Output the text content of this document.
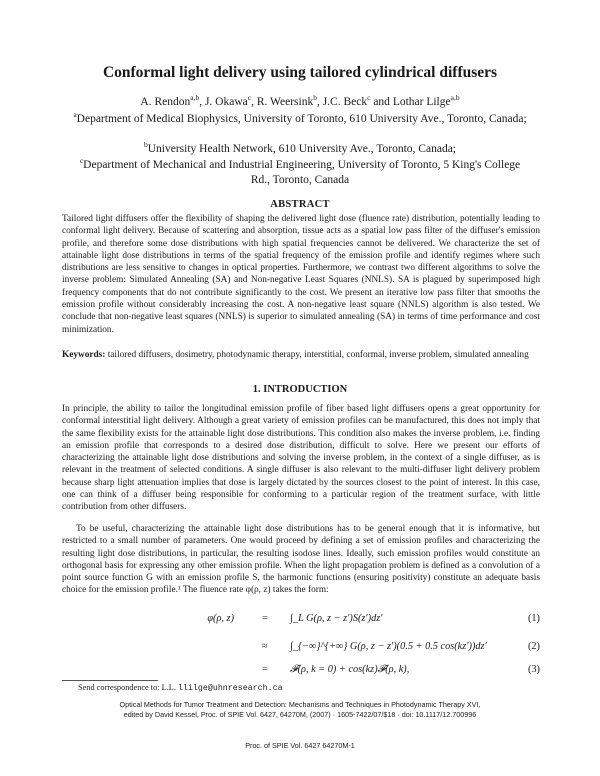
Conformal light delivery using tailored cylindrical diffusers
A. Rendon$^{a,b}$, J. Okawa$^c$, R. Weersink$^b$, J.C. Beck$^c$ and Lothar Lilge$^{a,b}$
$^a$Department of Medical Biophysics, University of Toronto, 610 University Ave., Toronto, Canada;
$^b$University Health Network, 610 University Ave., Toronto, Canada;
$^c$Department of Mechanical and Industrial Engineering, University of Toronto, 5 King's College Rd., Toronto, Canada
ABSTRACT
Tailored light diffusers offer the flexibility of shaping the delivered light dose (fluence rate) distribution, potentially leading to conformal light delivery. Because of scattering and absorption, tissue acts as a spatial low pass filter of the diffuser's emission profile, and therefore some dose distributions with high spatial frequencies cannot be delivered. We characterize the set of attainable light dose distributions in terms of the spatial frequency of the emission profile and identify regimes where such distributions are less sensitive to changes in optical properties. Furthermore, we contrast two different algorithms to solve the inverse problem: Simulated Annealing (SA) and Non-negative Least Squares (NNLS). SA is plagued by superimposed high frequency components that do not contribute significantly to the cost. We present an iterative low pass filter that smooths the emission profile without considerably increasing the cost. A non-negative least square (NNLS) algorithm is also tested. We conclude that non-negative least squares (NNLS) is superior to simulated annealing (SA) in terms of time performance and cost minimization.
Keywords: tailored diffusers, dosimetry, photodynamic therapy, interstitial, conformal, inverse problem, simulated annealing
1. INTRODUCTION
In principle, the ability to tailor the longitudinal emission profile of fiber based light diffusers opens a great opportunity for conformal interstitial light delivery. Although a great variety of emission profiles can be manufactured, this does not imply that the same flexibility exists for the attainable light dose distributions. This condition also makes the inverse problem, i.e. finding an emission profile that corresponds to a desired dose distribution, difficult to solve. Here we present our efforts of characterizing the attainable light dose distributions and solving the inverse problem, in the context of a single diffuser, as is relevant in the treatment of selected conditions. A single diffuser is also relevant to the multi-diffuser light delivery problem because sharp light attenuation implies that dose is largely dictated by the sources closest to the point of interest. In this case, one can think of a diffuser being responsible for conforming to a particular region of the treatment surface, with little contribution from other diffusers.
To be useful, characterizing the attainable light dose distributions has to be general enough that it is informative, but restricted to a small number of parameters. One would proceed by defining a set of emission profiles and characterizing the resulting light dose distributions, in particular, the resulting isodose lines. Ideally, such emission profiles would constitute an orthogonal basis for expressing any other emission profile. When the light propagation problem is defined as a convolution of a point source function G with an emission profile S, the harmonic functions (ensuring positivity) constitute an adequate basis choice for the emission profile.¹ The fluence rate φ(ρ, z) takes the form:
φ(ρ, z)	= ∫_L G(ρ, z − z′)S(z′)dz′	(1)
≈ ∫_{−∞}^{+∞} G(ρ, z − z′)(0.5 + 0.5 cos(kz′))dz′	(2)
= 𝓕(ρ, k = 0) + cos(kz)𝓕(ρ, k),	(3)
Send correspondence to: L.L. llilge@uhnresearch.ca
Optical Methods for Tumor Treatment and Detection: Mechanisms and Techniques in Photodynamic Therapy XVI,
edited by David Kessel, Proc. of SPIE Vol. 6427, 64270M, (2007) · 1605-7422/07/$18 · doi: 10.1117/12.700996
Proc. of SPIE Vol. 6427 64270M-1
